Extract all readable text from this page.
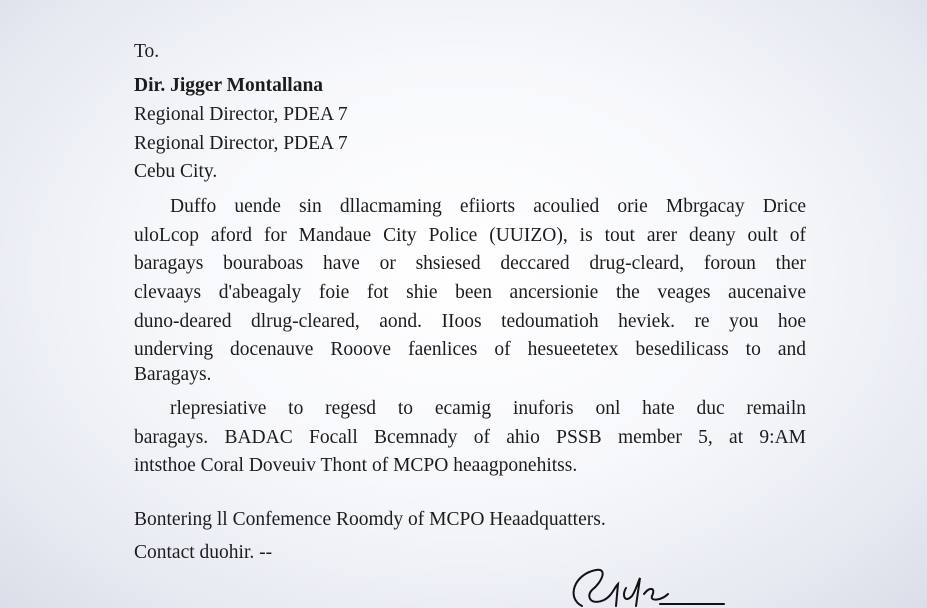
To.
Dir. Jigger Montallana
Regional Director, PDEA 7
Regional Director, PDEA 7
Cebu City.
Duffo uende sin dllacmaming efiiorts acoulied orie Mbrgacay Drice
uloLcop aford for Mandaue City Police (UUIZO), is tout arer deany oult of
baragays bouraboas have or shsiesed deccared drug-cleard, foroun ther
clevaays d'abeagaly foie fot shie been ancersionie the veages aucenaive
duno-deared dlrug-cleared, aond. IIoos tedoumatioh heviek. re you hoe
underving docenauve Rooove faenlices of hesueetetex besedilicass to and
Baragays.
rlepresiative to regesd to ecamig inuforis onl hate duc remailn
baragays. BADAC Focall Bcemnady of ahio PSSB member 5, at 9:AM
intsthoe Coral Doveuiv Thont of MCPO heaagponehitss.
Bontering ll Confemence Roomdy of MCPO Heaadquatters.
Contact duohir. --
